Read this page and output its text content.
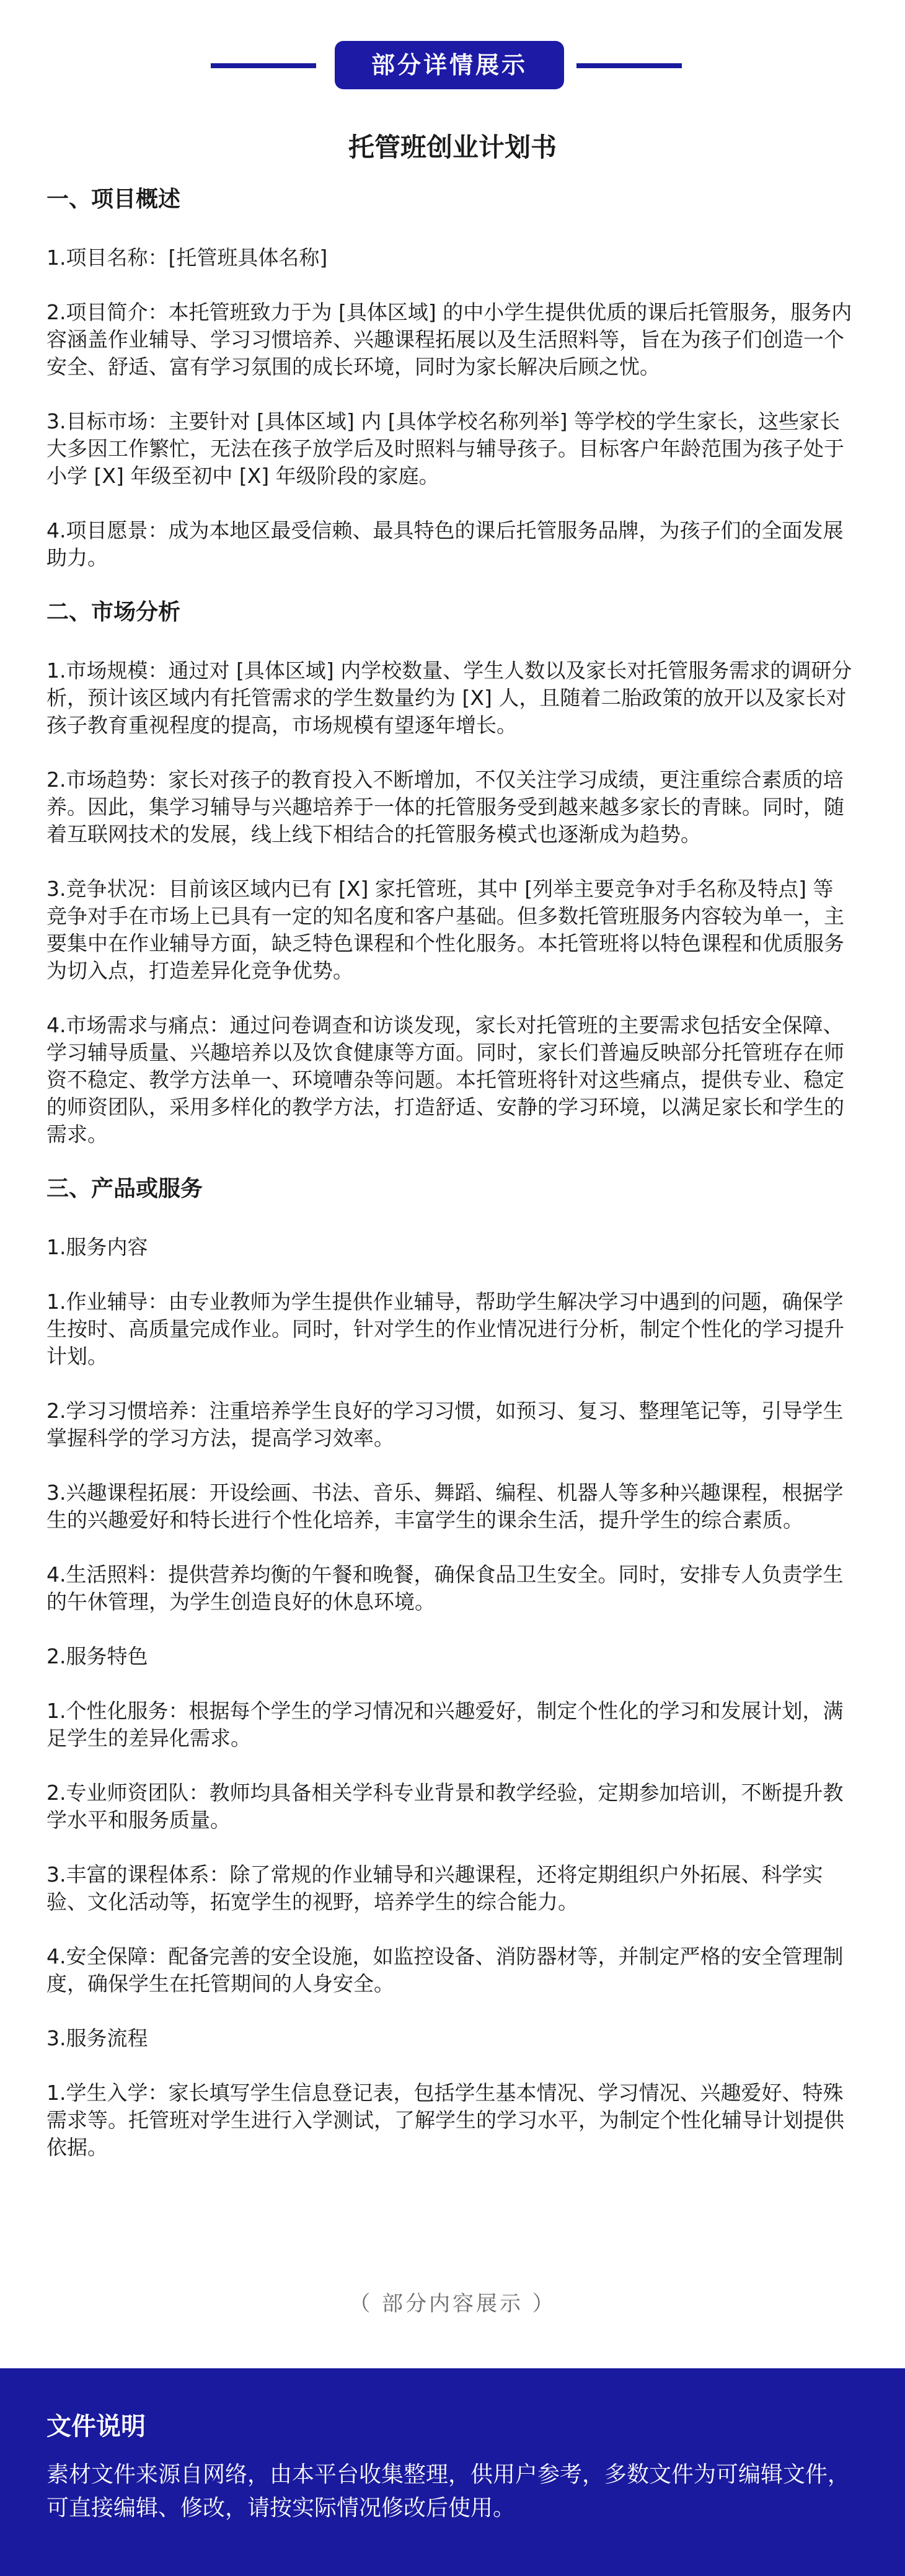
部分详情展示
托管班创业计划书
一、项目概述

1.项目名称：[托管班具体名称]

2.项目简介：本托管班致力于为 [具体区域] 的中小学生提供优质的课后托管服务，服务内容涵盖作业辅导、学习习惯培养、兴趣课程拓展以及生活照料等，旨在为孩子们创造一个安全、舒适、富有学习氛围的成长环境，同时为家长解决后顾之忧。

3.目标市场：主要针对 [具体区域] 内 [具体学校名称列举] 等学校的学生家长，这些家长大多因工作繁忙，无法在孩子放学后及时照料与辅导孩子。目标客户年龄范围为孩子处于小学 [X] 年级至初中 [X] 年级阶段的家庭。

4.项目愿景：成为本地区最受信赖、最具特色的课后托管服务品牌，为孩子们的全面发展助力。

二、市场分析

1.市场规模：通过对 [具体区域] 内学校数量、学生人数以及家长对托管服务需求的调研分析，预计该区域内有托管需求的学生数量约为 [X] 人，且随着二胎政策的放开以及家长对孩子教育重视程度的提高，市场规模有望逐年增长。

2.市场趋势：家长对孩子的教育投入不断增加，不仅关注学习成绩，更注重综合素质的培养。因此，集学习辅导与兴趣培养于一体的托管服务受到越来越多家长的青睐。同时，随着互联网技术的发展，线上线下相结合的托管服务模式也逐渐成为趋势。

3.竞争状况：目前该区域内已有 [X] 家托管班，其中 [列举主要竞争对手名称及特点] 等竞争对手在市场上已具有一定的知名度和客户基础。但多数托管班服务内容较为单一，主要集中在作业辅导方面，缺乏特色课程和个性化服务。本托管班将以特色课程和优质服务为切入点，打造差异化竞争优势。

4.市场需求与痛点：通过问卷调查和访谈发现，家长对托管班的主要需求包括安全保障、学习辅导质量、兴趣培养以及饮食健康等方面。同时，家长们普遍反映部分托管班存在师资不稳定、教学方法单一、环境嘈杂等问题。本托管班将针对这些痛点，提供专业、稳定的师资团队，采用多样化的教学方法，打造舒适、安静的学习环境，以满足家长和学生的需求。

三、产品或服务

1.服务内容

1.作业辅导：由专业教师为学生提供作业辅导，帮助学生解决学习中遇到的问题，确保学生按时、高质量完成作业。同时，针对学生的作业情况进行分析，制定个性化的学习提升计划。

2.学习习惯培养：注重培养学生良好的学习习惯，如预习、复习、整理笔记等，引导学生掌握科学的学习方法，提高学习效率。

3.兴趣课程拓展：开设绘画、书法、音乐、舞蹈、编程、机器人等多种兴趣课程，根据学生的兴趣爱好和特长进行个性化培养，丰富学生的课余生活，提升学生的综合素质。

4.生活照料：提供营养均衡的午餐和晚餐，确保食品卫生安全。同时，安排专人负责学生的午休管理，为学生创造良好的休息环境。

2.服务特色

1.个性化服务：根据每个学生的学习情况和兴趣爱好，制定个性化的学习和发展计划，满足学生的差异化需求。

2.专业师资团队：教师均具备相关学科专业背景和教学经验，定期参加培训，不断提升教学水平和服务质量。

3.丰富的课程体系：除了常规的作业辅导和兴趣课程，还将定期组织户外拓展、科学实验、文化活动等，拓宽学生的视野，培养学生的综合能力。

4.安全保障：配备完善的安全设施，如监控设备、消防器材等，并制定严格的安全管理制度，确保学生在托管期间的人身安全。

3.服务流程

1.学生入学：家长填写学生信息登记表，包括学生基本情况、学习情况、兴趣爱好、特殊需求等。托管班对学生进行入学测试，了解学生的学习水平，为制定个性化辅导计划提供依据。

（ 部分内容展示 ）
文件说明
素材文件来源自网络，由本平台收集整理，供用户参考，多数文件为可编辑文件，可直接编辑、修改，请按实际情况修改后使用。
